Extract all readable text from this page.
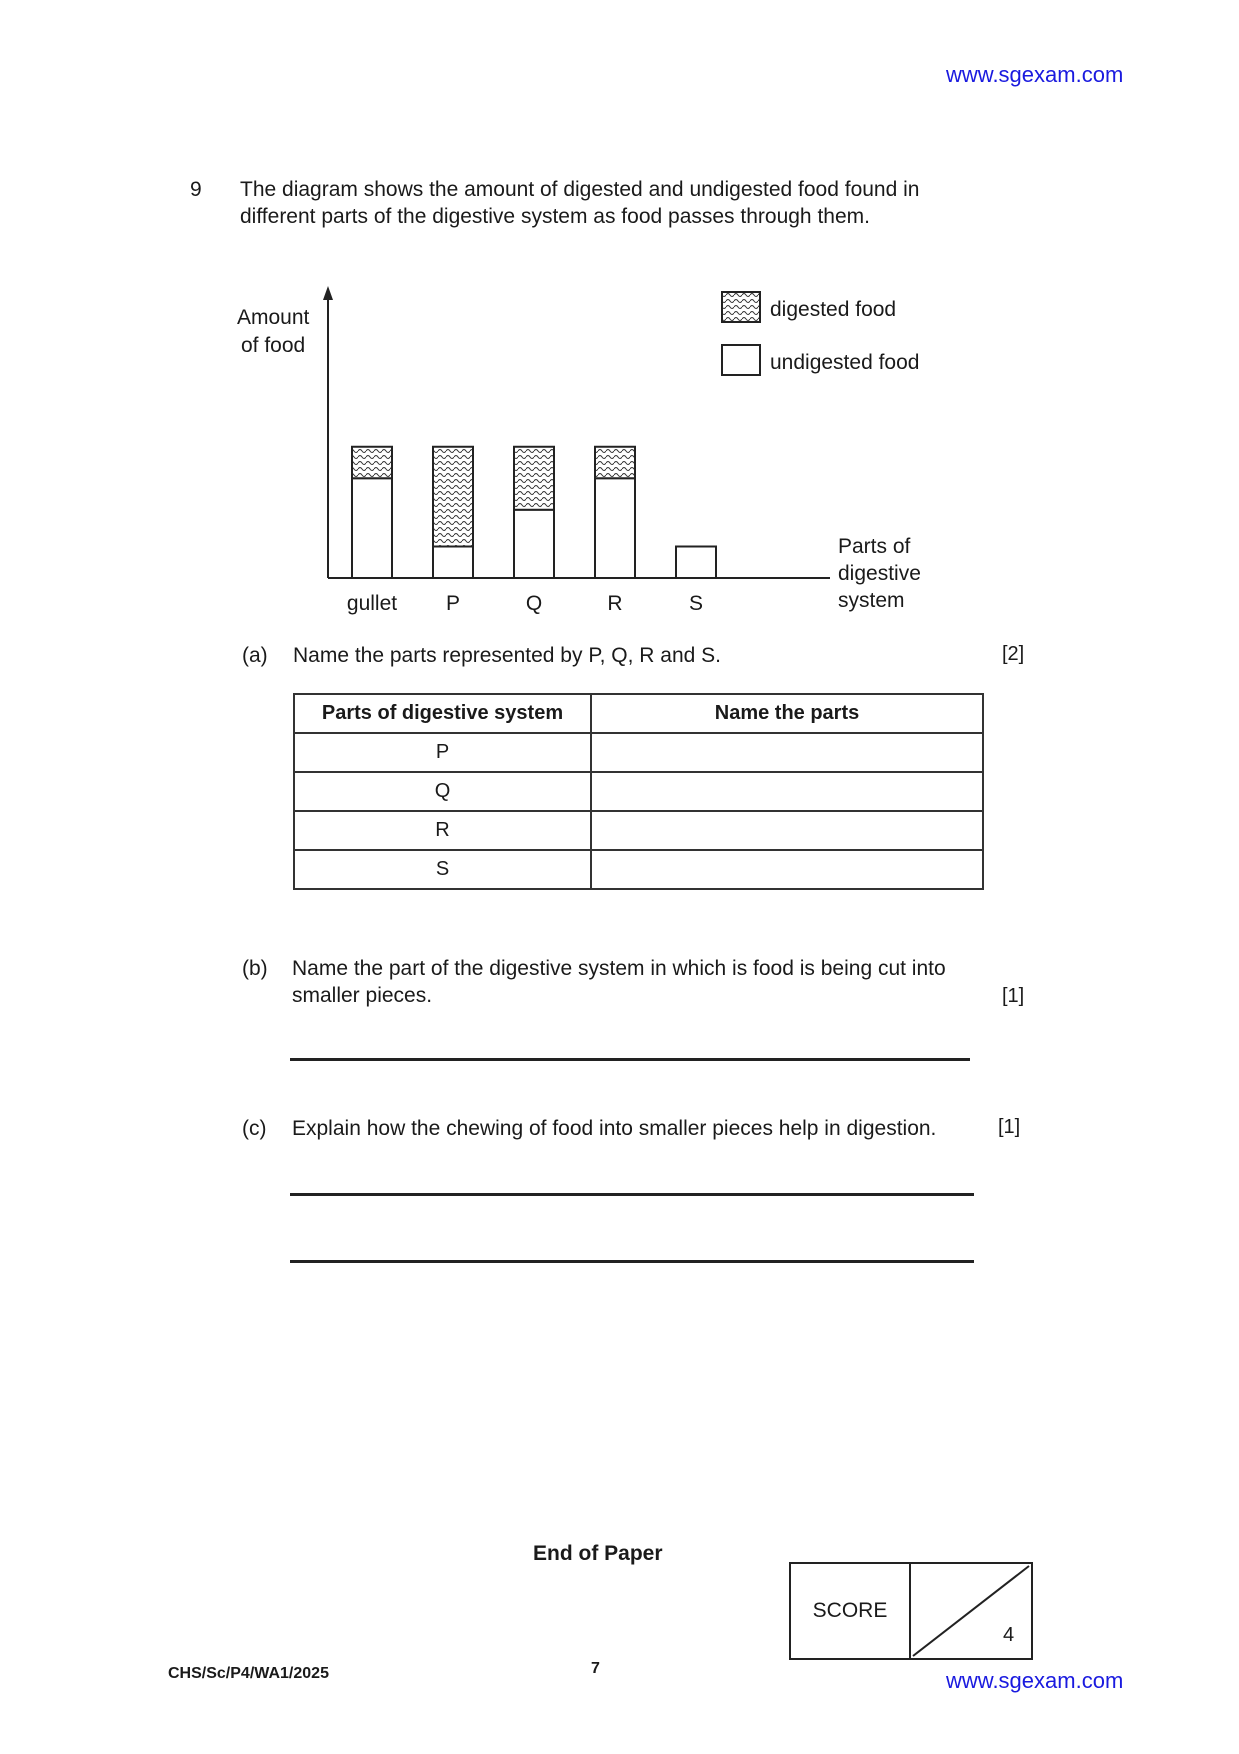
www.sgexam.com
9 The diagram shows the amount of digested and undigested food found in
different parts of the digestive system as food passes through them.
Amount
of food
Parts of
digestive
system
gullet P	Q	R	S
digested food
undigested food
(a) Name the parts represented by P, Q, R and S.	[2]
Parts of digestive system	Name the parts
P	
Q	
R	
S	
(b) Name the part of the digestive system in which is food is being cut into
smaller pieces.	[1]
(c) Explain how the chewing of food into smaller pieces help in digestion.	[1]
End of Paper
SCORE
4
CHS/Sc/P4/WA1/2025	7	www.sgexam.com
